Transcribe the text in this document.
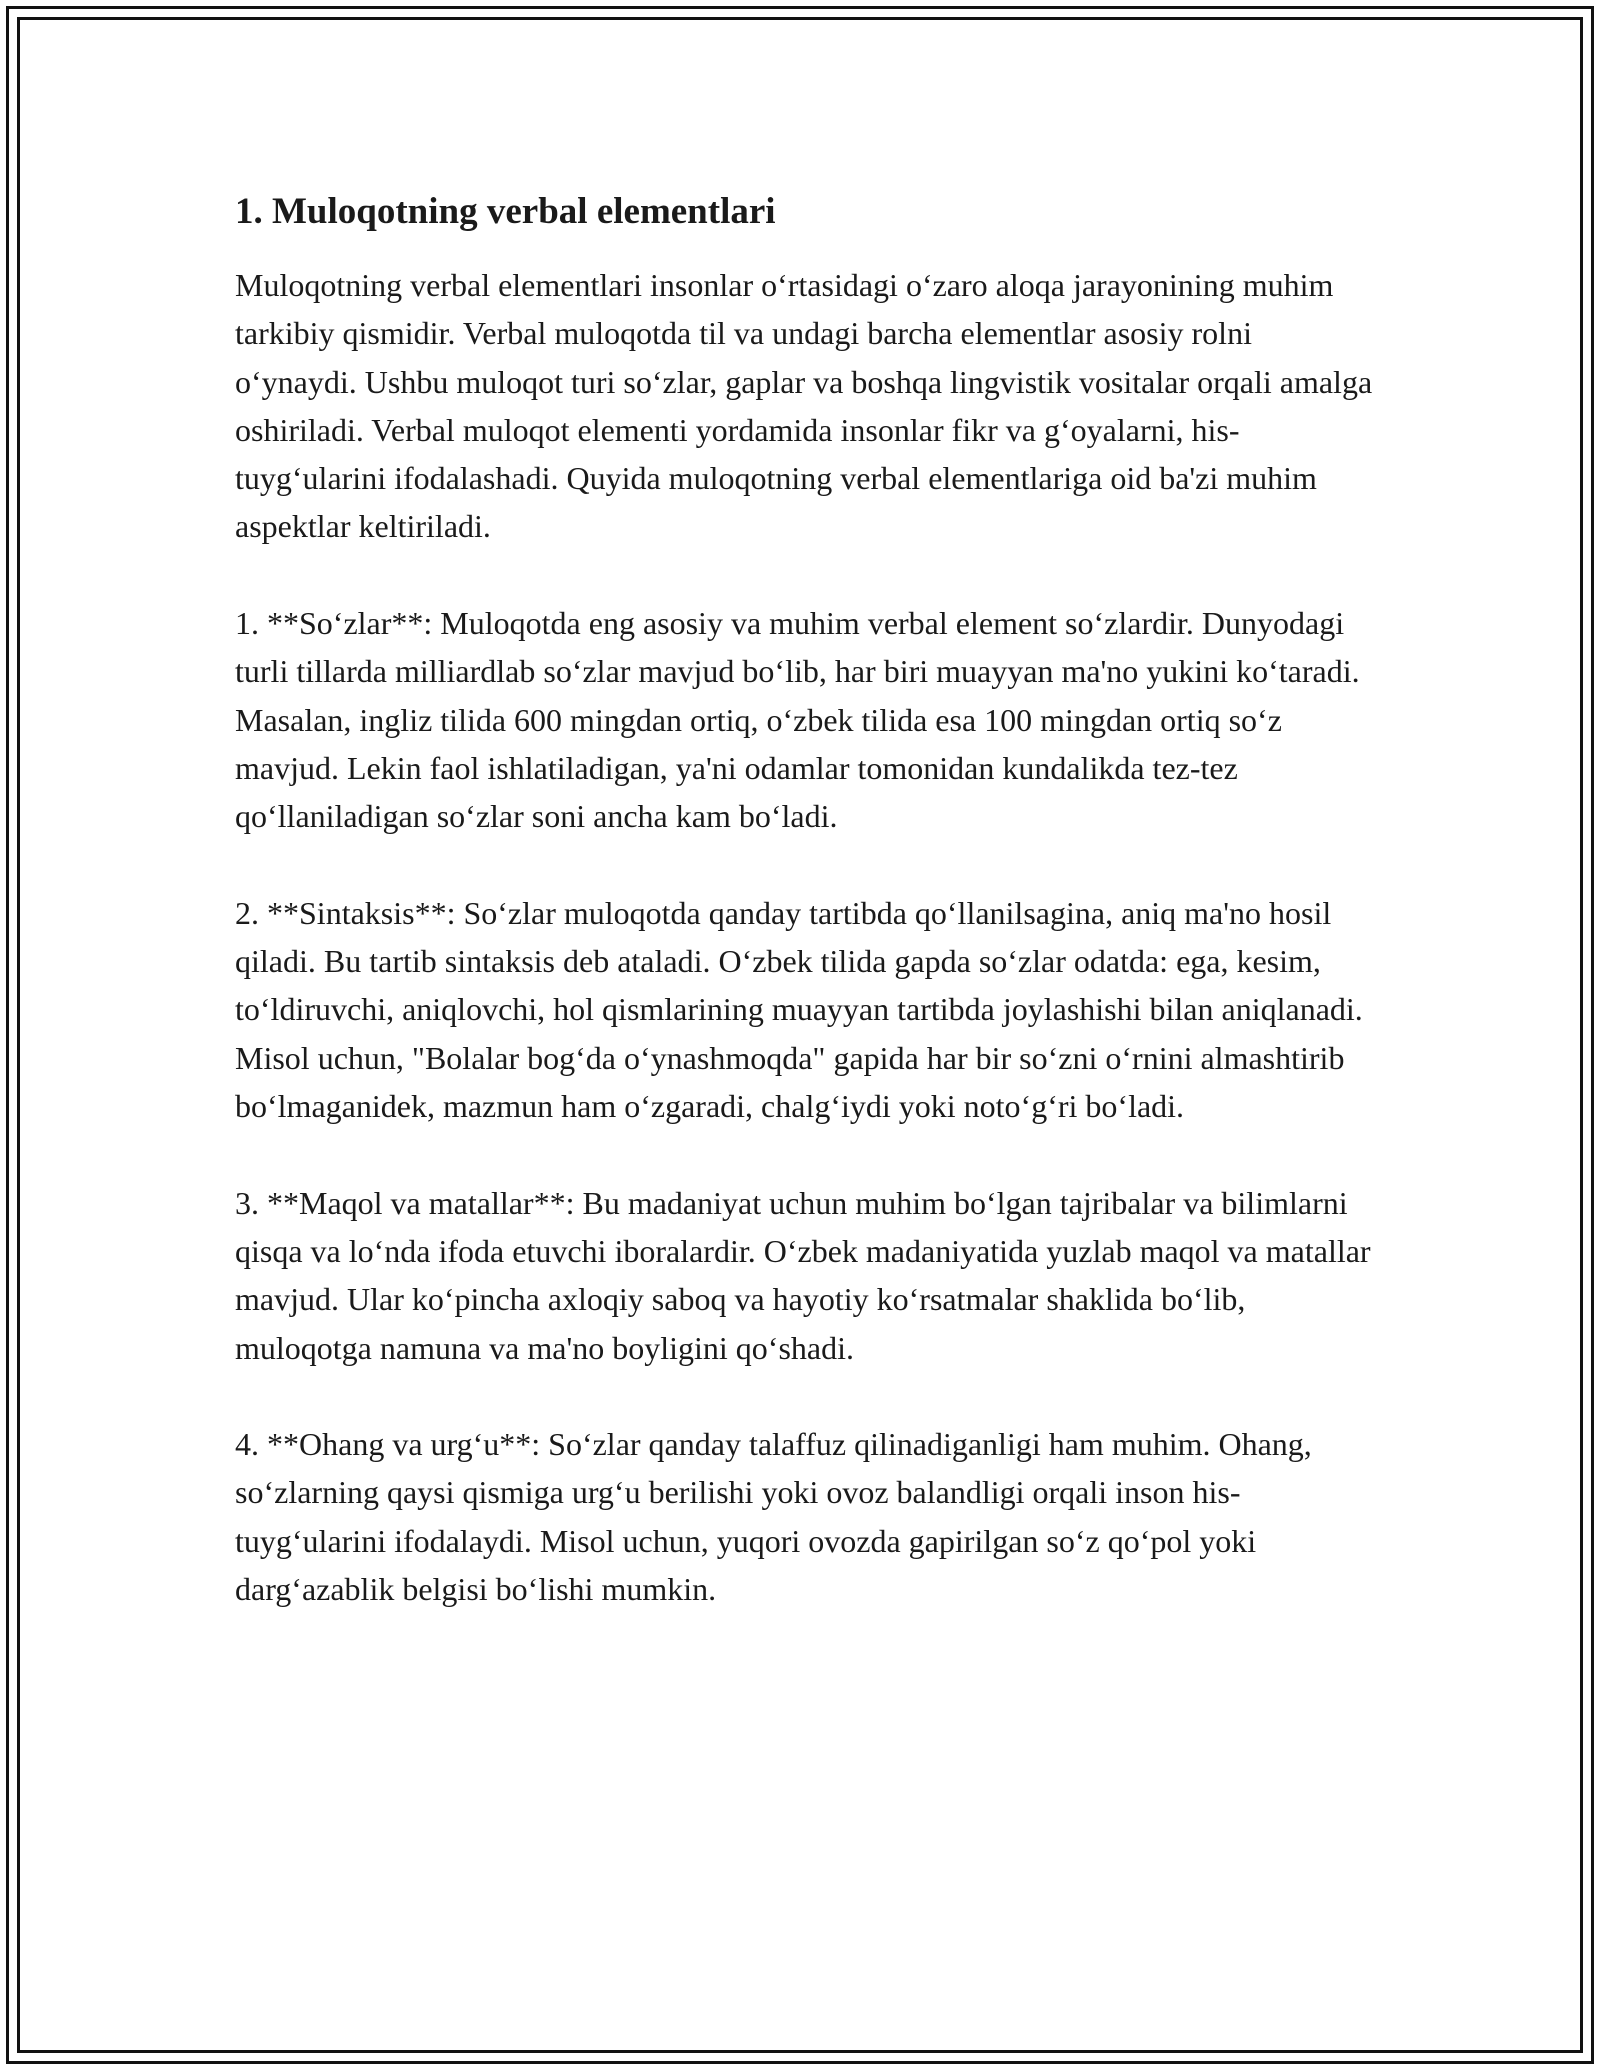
1. Muloqotning verbal elementlari

Muloqotning verbal elementlari insonlar o‘rtasidagi o‘zaro aloqa jarayonining muhim tarkibiy qismidir. Verbal muloqotda til va undagi barcha elementlar asosiy rolni o‘ynaydi. Ushbu muloqot turi so‘zlar, gaplar va boshqa lingvistik vositalar orqali amalga oshiriladi. Verbal muloqot elementi yordamida insonlar fikr va g‘oyalarni, his-tuyg‘ularini ifodalashadi. Quyida muloqotning verbal elementlariga oid ba'zi muhim aspektlar keltiriladi.

1. **So‘zlar**: Muloqotda eng asosiy va muhim verbal element so‘zlardir. Dunyodagi turli tillarda milliardlab so‘zlar mavjud bo‘lib, har biri muayyan ma'no yukini ko‘taradi. Masalan, ingliz tilida 600 mingdan ortiq, o‘zbek tilida esa 100 mingdan ortiq so‘z mavjud. Lekin faol ishlatiladigan, ya'ni odamlar tomonidan kundalikda tez-tez qo‘llaniladigan so‘zlar soni ancha kam bo‘ladi.

2. **Sintaksis**: So‘zlar muloqotda qanday tartibda qo‘llanilsagina, aniq ma'no hosil qiladi. Bu tartib sintaksis deb ataladi. O‘zbek tilida gapda so‘zlar odatda: ega, kesim, to‘ldiruvchi, aniqlovchi, hol qismlarining muayyan tartibda joylashishi bilan aniqlanadi. Misol uchun, "Bolalar bog‘da o‘ynashmoqda" gapida har bir so‘zni o‘rnini almashtirib bo‘lmaganidek, mazmun ham o‘zgaradi, chalg‘iydi yoki noto‘g‘ri bo‘ladi.

3. **Maqol va matallar**: Bu madaniyat uchun muhim bo‘lgan tajribalar va bilimlarni qisqa va lo‘nda ifoda etuvchi iboralardir. O‘zbek madaniyatida yuzlab maqol va matallar mavjud. Ular ko‘pincha axloqiy saboq va hayotiy ko‘rsatmalar shaklida bo‘lib, muloqotga namuna va ma'no boyligini qo‘shadi.

4. **Ohang va urg‘u**: So‘zlar qanday talaffuz qilinadiganligi ham muhim. Ohang, so‘zlarning qaysi qismiga urg‘u berilishi yoki ovoz balandligi orqali inson his-tuyg‘ularini ifodalaydi. Misol uchun, yuqori ovozda gapirilgan so‘z qo‘pol yoki darg‘azablik belgisi bo‘lishi mumkin.
